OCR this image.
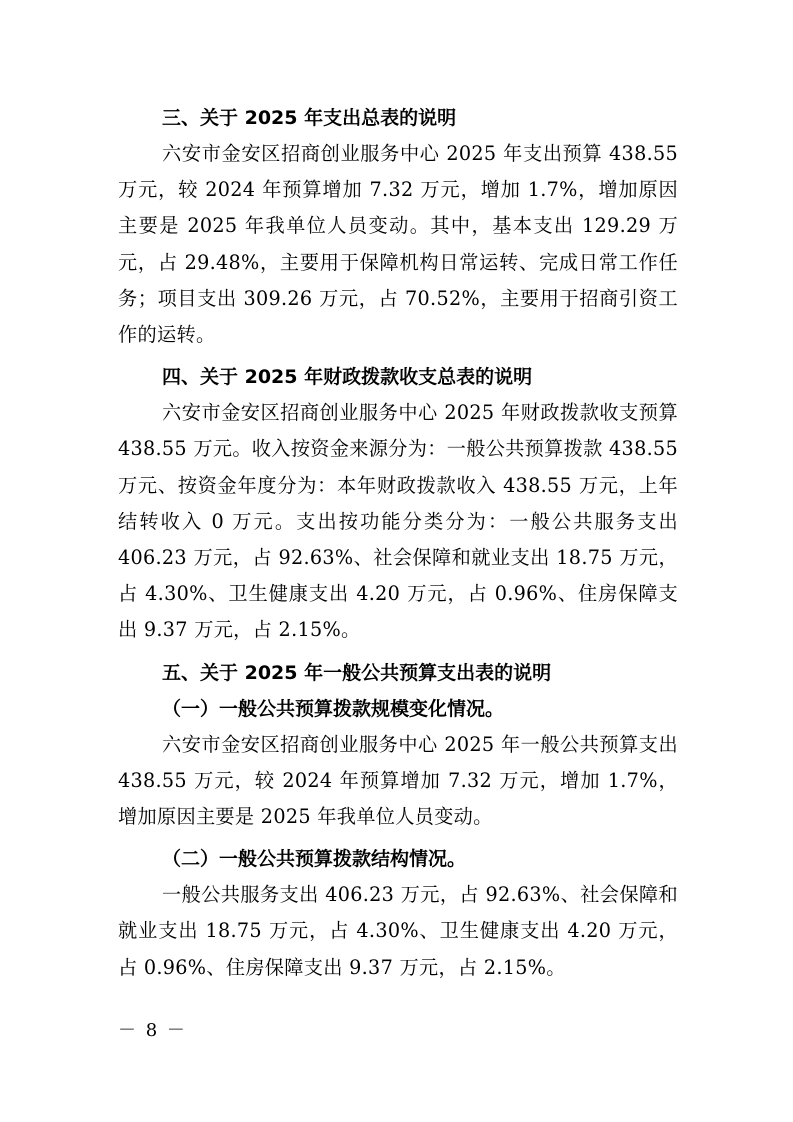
三、关于 2025 年支出总表的说明

六安市金安区招商创业服务中心 2025 年支出预算 438.55 万元，较 2024 年预算增加 7.32 万元，增加 1.7%，增加原因主要是 2025 年我单位人员变动。其中，基本支出 129.29 万元，占 29.48%，主要用于保障机构日常运转、完成日常工作任务；项目支出 309.26 万元，占 70.52%，主要用于招商引资工作的运转。

四、关于 2025 年财政拨款收支总表的说明

六安市金安区招商创业服务中心 2025 年财政拨款收支预算 438.55 万元。收入按资金来源分为：一般公共预算拨款 438.55 万元、按资金年度分为：本年财政拨款收入 438.55 万元，上年结转收入 0 万元。支出按功能分类分为：一般公共服务支出 406.23 万元，占 92.63%、社会保障和就业支出 18.75 万元，占 4.30%、卫生健康支出 4.20 万元，占 0.96%、住房保障支出 9.37 万元，占 2.15%。

五、关于 2025 年一般公共预算支出表的说明
（一）一般公共预算拨款规模变化情况。

六安市金安区招商创业服务中心 2025 年一般公共预算支出 438.55 万元，较 2024 年预算增加 7.32 万元，增加 1.7%，增加原因主要是 2025 年我单位人员变动。

（二）一般公共预算拨款结构情况。

一般公共服务支出 406.23 万元，占 92.63%、社会保障和就业支出 18.75 万元，占 4.30%、卫生健康支出 4.20 万元，占 0.96%、住房保障支出 9.37 万元，占 2.15%。

－ 8 －
